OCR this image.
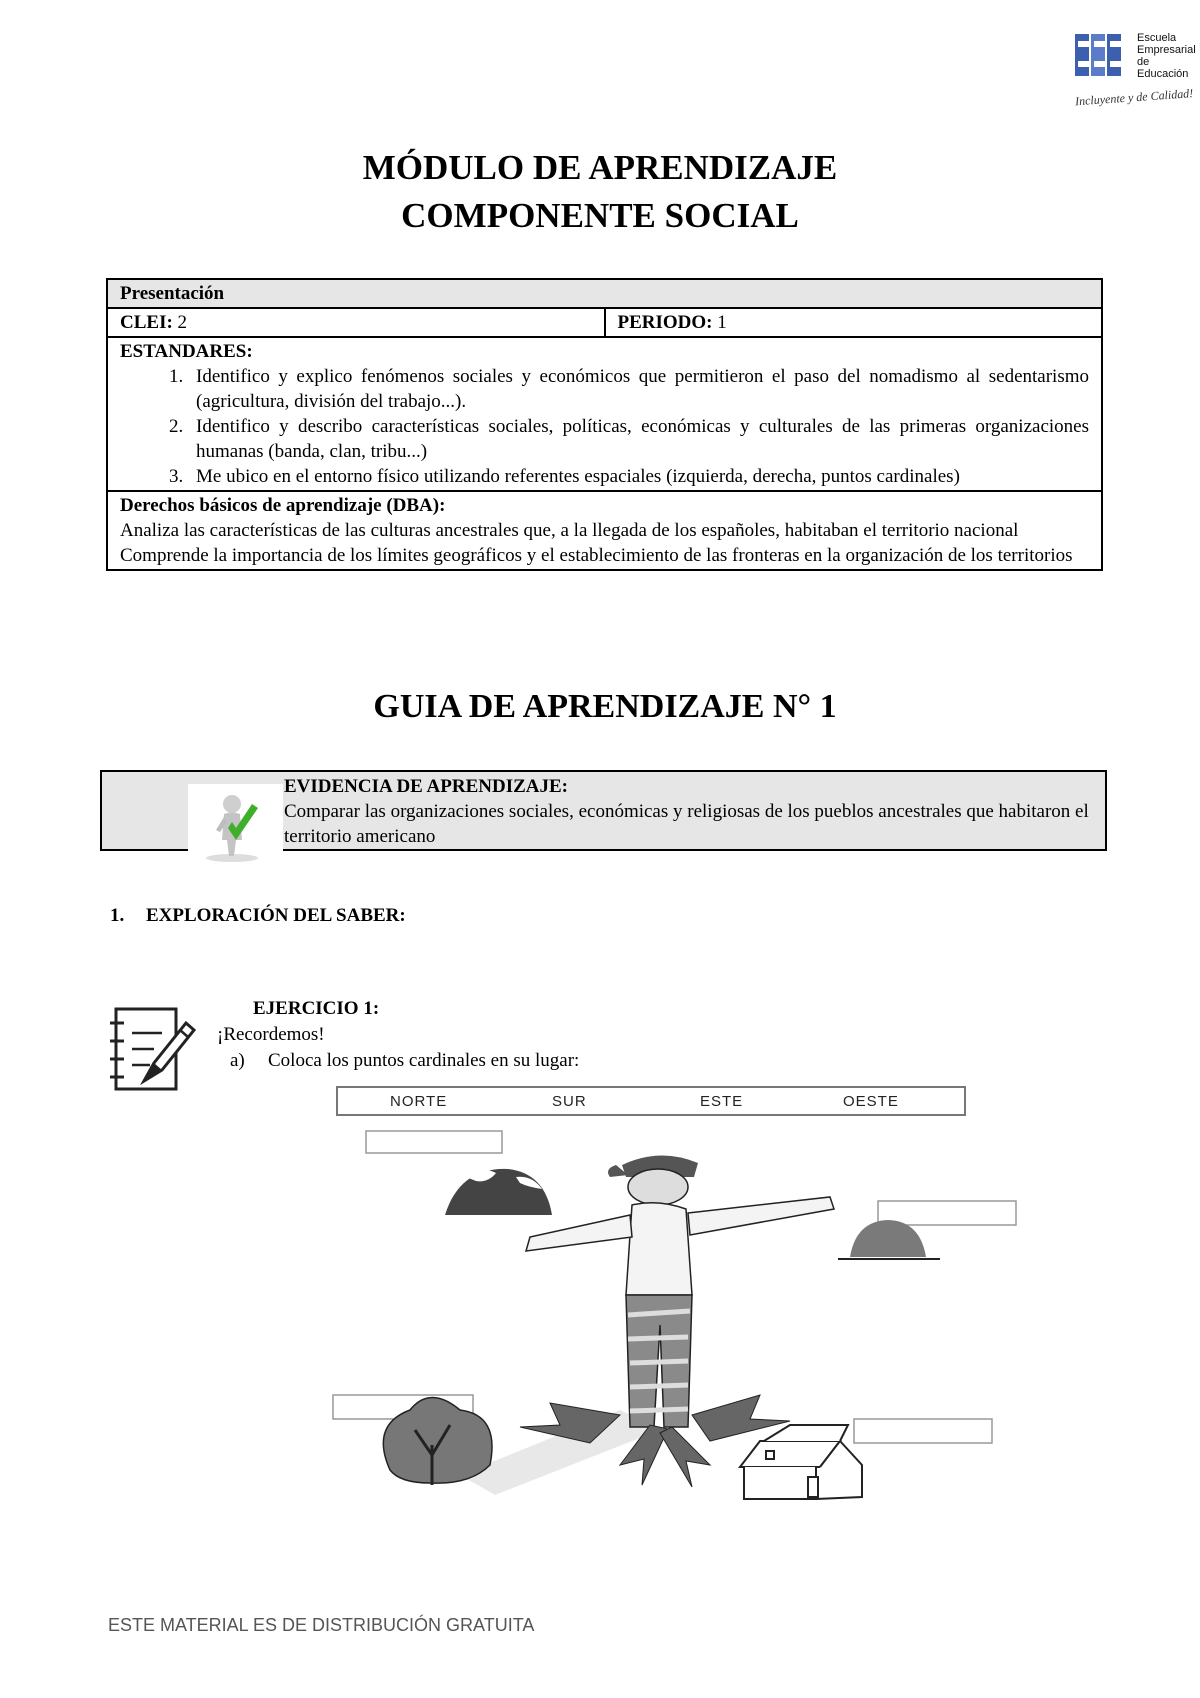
Escuela
Empresarial
de Educación
Incluyente y de Calidad!
MÓDULO DE APRENDIZAJE
COMPONENTE SOCIAL
Presentación
CLEI: 2	PERIODO: 1
ESTANDARES:
1. Identifico y explico fenómenos sociales y económicos que permitieron el paso del nomadismo al sedentarismo (agricultura, división del trabajo...).
2. Identifico y describo características sociales, políticas, económicas y culturales de las primeras organizaciones humanas (banda, clan, tribu...)
3. Me ubico en el entorno físico utilizando referentes espaciales (izquierda, derecha, puntos cardinales)

Derechos básicos de aprendizaje (DBA):
Analiza las características de las culturas ancestrales que, a la llegada de los españoles, habitaban el territorio nacional
Comprende la importancia de los límites geográficos y el establecimiento de las fronteras en la organización de los territorios
GUIA DE APRENDIZAJE N° 1
EVIDENCIA DE APRENDIZAJE:
Comparar las organizaciones sociales, económicas y religiosas de los pueblos ancestrales que habitaron el territorio americano
1. EXPLORACIÓN DEL SABER:
EJERCICIO 1:
¡Recordemos!
a) Coloca los puntos cardinales en su lugar:
NORTE	SUR	ESTE	OESTE
ESTE MATERIAL ES DE DISTRIBUCIÓN GRATUITA
